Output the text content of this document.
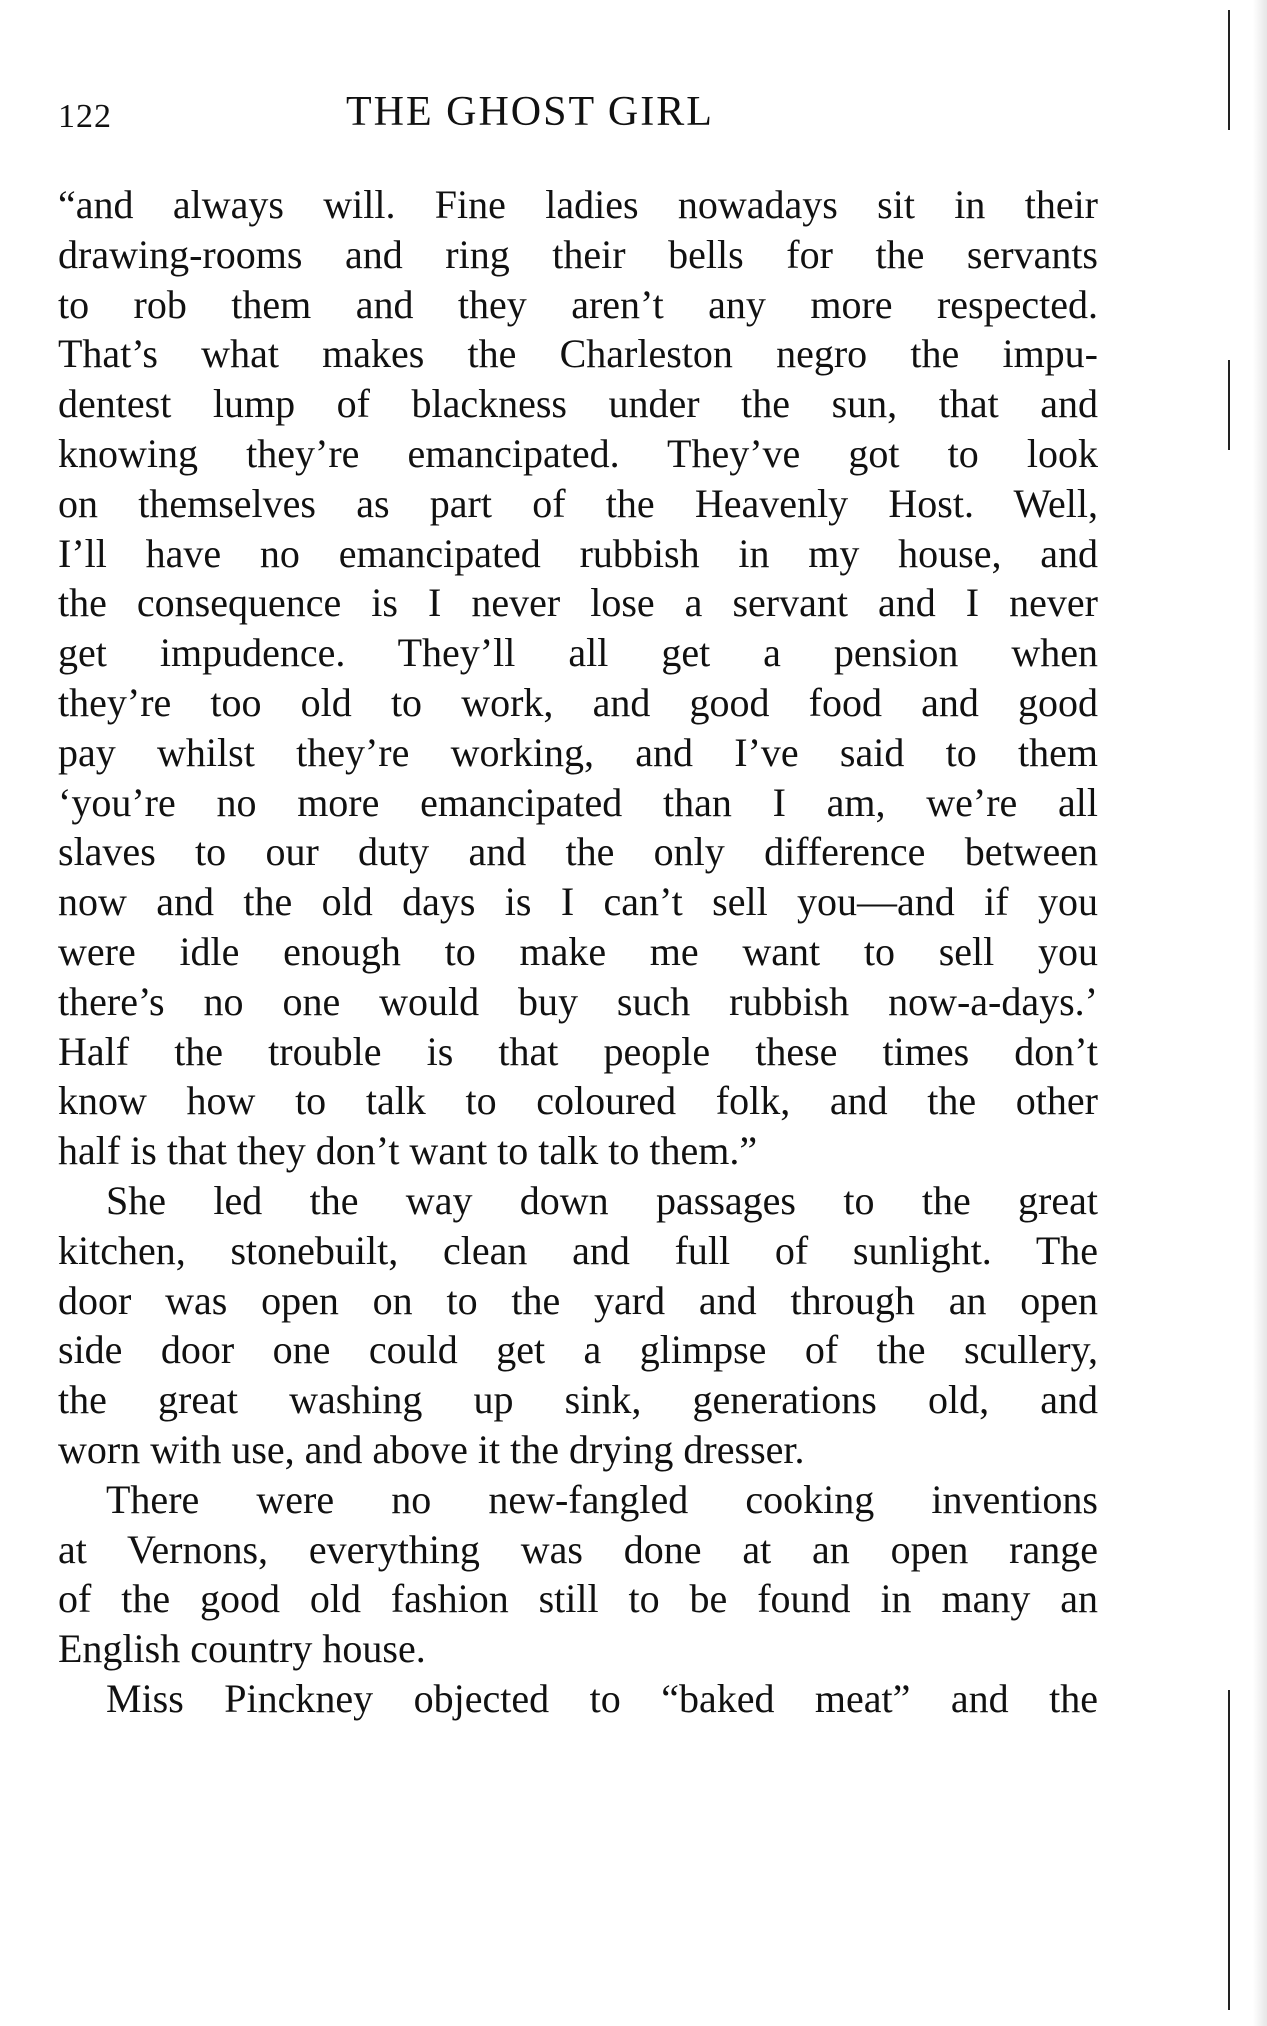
122	THE GHOST GIRL
“and always will. Fine ladies nowadays sit in their
drawing-rooms and ring their bells for the servants
to rob them and they aren’t any more respected.
That’s what makes the Charleston negro the impu-
dentest lump of blackness under the sun, that and
knowing they’re emancipated. They’ve got to look
on themselves as part of the Heavenly Host. Well,
I’ll have no emancipated rubbish in my house, and
the consequence is I never lose a servant and I never
get impudence. They’ll all get a pension when
they’re too old to work, and good food and good
pay whilst they’re working, and I’ve said to them
‘you’re no more emancipated than I am, we’re all
slaves to our duty and the only difference between
now and the old days is I can’t sell you—and if you
were idle enough to make me want to sell you
there’s no one would buy such rubbish now-a-days.’
Half the trouble is that people these times don’t
know how to talk to coloured folk, and the other
half is that they don’t want to talk to them.”
She led the way down passages to the great
kitchen, stonebuilt, clean and full of sunlight. The
door was open on to the yard and through an open
side door one could get a glimpse of the scullery,
the great washing up sink, generations old, and
worn with use, and above it the drying dresser.
There were no new-fangled cooking inventions
at Vernons, everything was done at an open range
of the good old fashion still to be found in many an
English country house.
Miss Pinckney objected to “baked meat” and the
